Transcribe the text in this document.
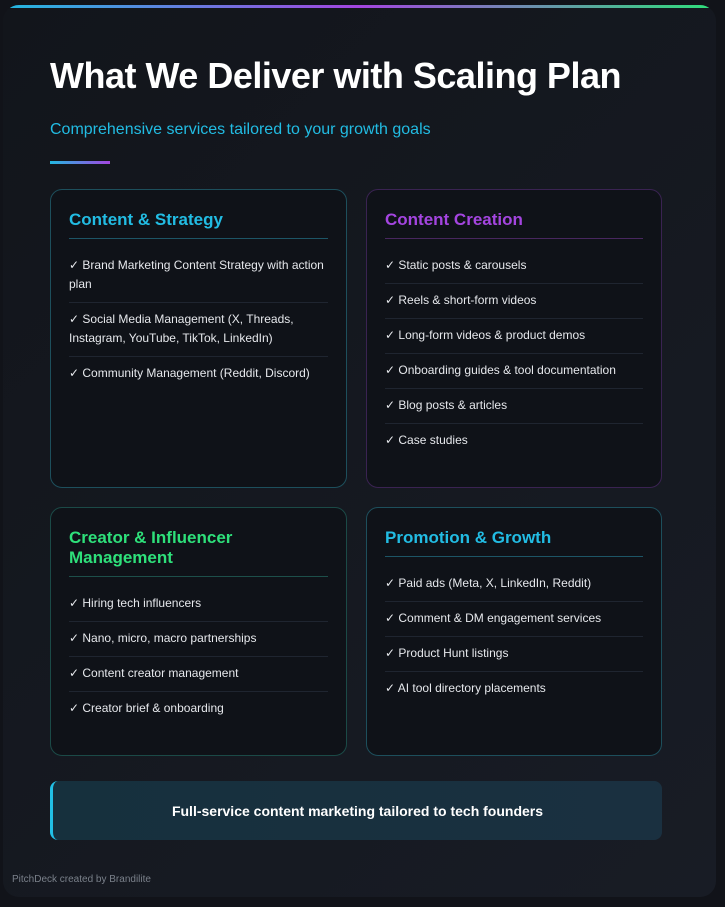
What We Deliver with Scaling Plan
Comprehensive services tailored to your growth goals
Content & Strategy
✓ Brand Marketing Content Strategy with action plan
✓ Social Media Management (X, Threads, Instagram, YouTube, TikTok, LinkedIn)
✓ Community Management (Reddit, Discord)
Content Creation
✓ Static posts & carousels
✓ Reels & short-form videos
✓ Long-form videos & product demos
✓ Onboarding guides & tool documentation
✓ Blog posts & articles
✓ Case studies
Creator & Influencer Management
✓ Hiring tech influencers
✓ Nano, micro, macro partnerships
✓ Content creator management
✓ Creator brief & onboarding
Promotion & Growth
✓ Paid ads (Meta, X, LinkedIn, Reddit)
✓ Comment & DM engagement services
✓ Product Hunt listings
✓ AI tool directory placements
Full-service content marketing tailored to tech founders
PitchDeck created by Brandilite
